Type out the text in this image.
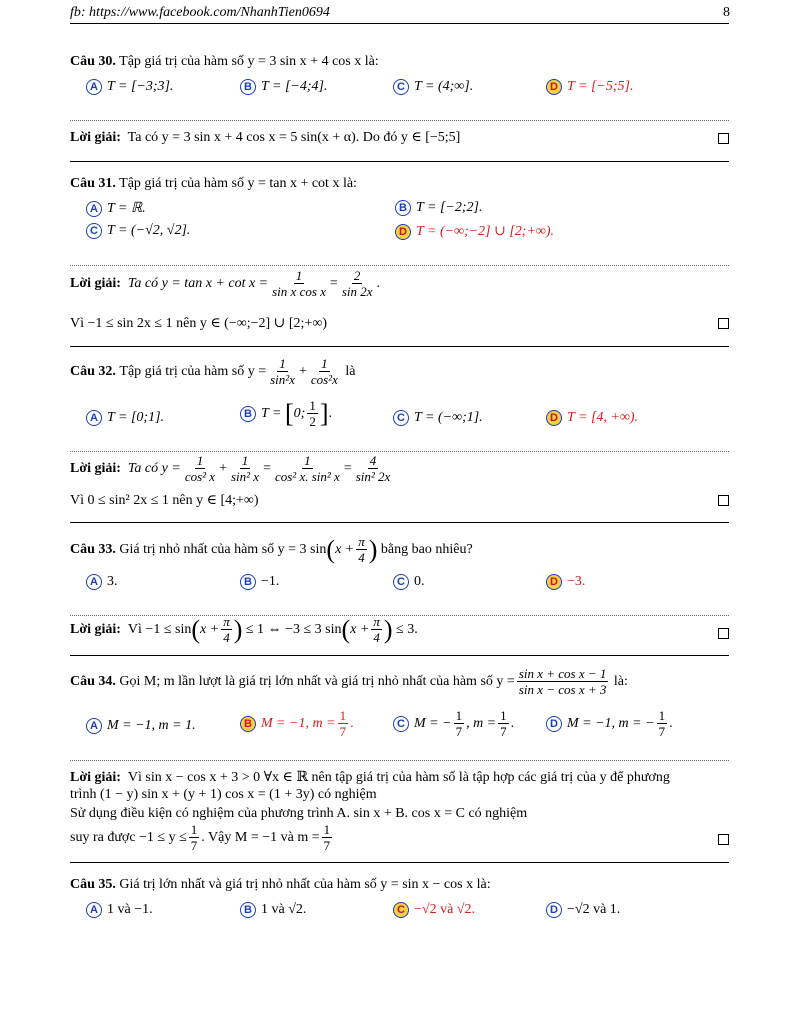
fb: https://www.facebook.com/NhanhTien0694	8
Câu 30. Tập giá trị của hàm số y = 3 sin x + 4 cos x là:
A T = [−3;3].	B T = [−4;4].	C T = (4;∞].	D T = [−5;5].
Lời giải: Ta có y = 3 sin x + 4 cos x = 5 sin(x + α). Do đó y ∈ [−5;5]
Câu 31. Tập giá trị của hàm số y = tan x + cot x là:
A T = ℝ.	B T = [−2;2].
C T = (−√2, √2].	D T = (−∞;−2] ∪ [2;+∞).
Lời giải:
Ta có $y = \tan x + \cot x = \frac{1}{\text{sin x cos x}} = \frac{2}{\sin 2x}$ .
Vì −1 ≤ sin 2x ≤ 1 nên y ∈ (−∞;−2] ∪ [2;+∞)
Câu 32.
Tập giá trị của hàm số $y = \frac{1}{\text{sin²x}} + \frac{1}{\text{cos²x}}$
là
A T = [0;1].	B T =
[ 0; $\frac{1}{2}$ ] .	C T = (−∞;1].	D T = [4, +∞).
Lời giải:
Ta có $y = \frac{1}{\text{cos² x}} + \frac{1}{\text{sin² x}} = \frac{1}{\text{cos² x. sin² x}} = \frac{4}{\text{sin² 2x}}$
Vì 0 ≤ sin² 2x ≤ 1 nên y ∈ [4;+∞)
Câu 33.
Giá trị nhỏ nhất của hàm số y = 3 sin ( $x + \frac{\pi}{4}$ )
bằng bao nhiêu?
A 3.	B −1.	C 0.	D −3.
Lời giải:
Vì −1 ≤ sin ( $x + \frac{\pi}{4}$ )
≤ 1 ⇔ −3 ≤ 3 sin ( $x + \frac{\pi}{4}$ )
≤ 3.
Câu 34.
Gọi M; m lần lượt là giá trị lớn nhất và giá trị nhỏ nhất của hàm số $y = \frac{\text{sin x + cos x − 1}}{\text{sin x − cos x + 3}}$
là:
A M = −1, m = 1.	B M = −1, $m = \frac{1}{7}$ .	C M = − $\frac{1}{7}$ , $m = \frac{1}{7}$ .	D M = −1, m = − $\frac{1}{7}$ .
Lời giải: Vì sin x − cos x + 3 > 0 ∀x ∈ ℝ nên tập giá trị của hàm số là tập hợp các giá trị của y để phương
trình (1 − y) sin x + (y + 1) cos x = (1 + 3y) có nghiệm
Sử dụng điều kiện có nghiệm của phương trình A. sin x + B. cos x = C có nghiệm
suy ra được $-1 \le y \le \frac{1}{7}$ . Vậy M = −1 và $m = \frac{1}{7}$
Câu 35. Giá trị lớn nhất và giá trị nhỏ nhất của hàm số y = sin x − cos x là:
A 1 và −1.	B 1 và √2.	C −√2 và √2.	D −√2 và 1.
